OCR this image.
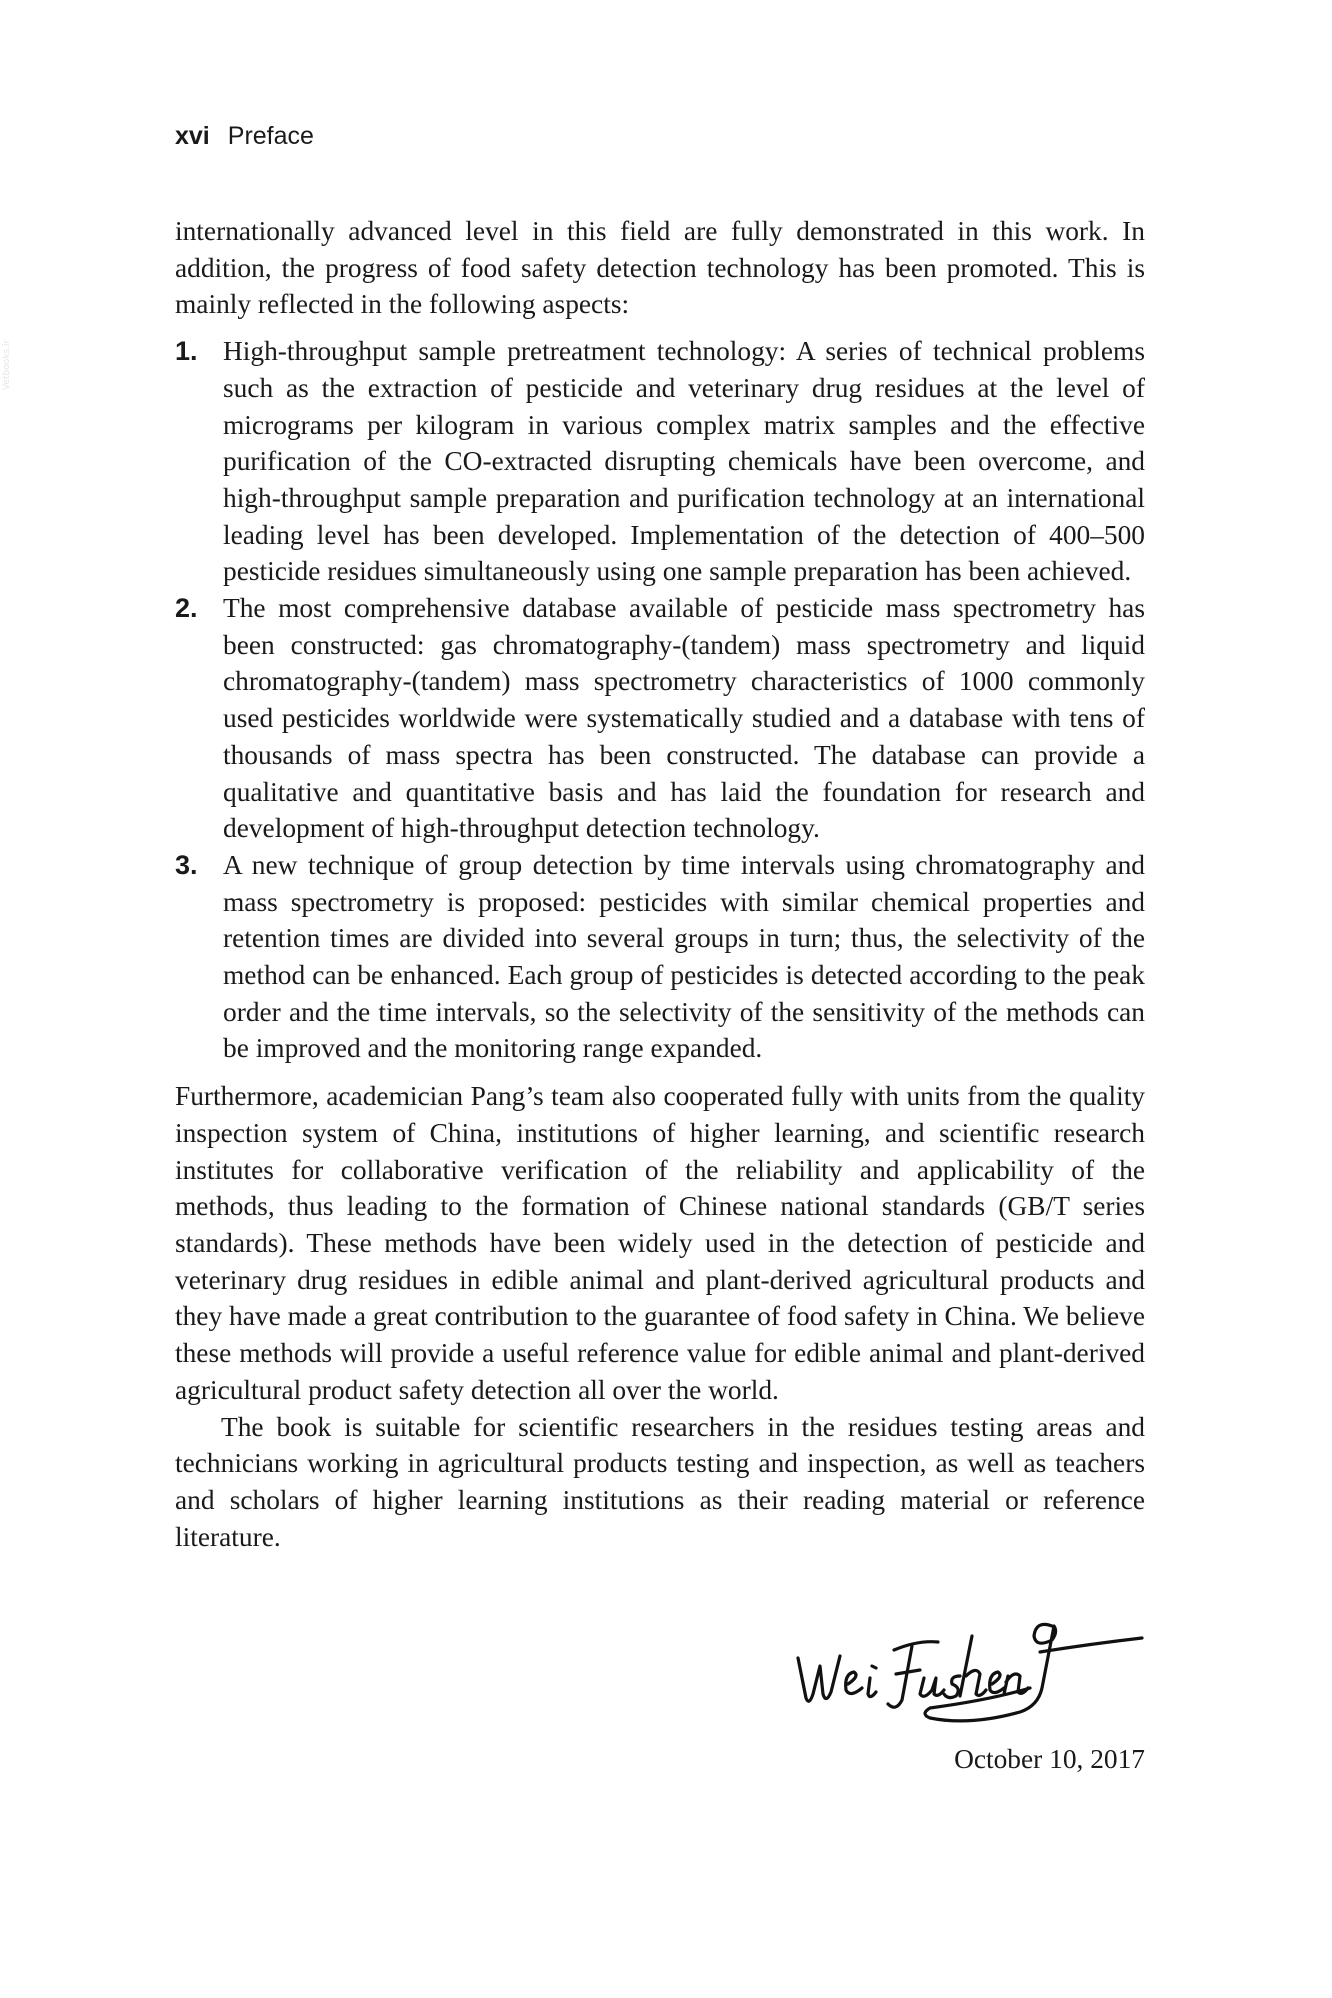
Vetbooks.ir
xvi Preface

internationally advanced level in this field are fully demonstrated in this work. In addition, the progress of food safety detection technology has been promoted. This is mainly reflected in the following aspects:

1. High-throughput sample pretreatment technology: A series of technical problems such as the extraction of pesticide and veterinary drug residues at the level of micrograms per kilogram in various complex matrix samples and the effective purification of the CO-extracted disrupting chemicals have been overcome, and high-throughput sample preparation and purification technology at an international leading level has been developed. Implementation of the detection of 400–500 pesticide residues simultaneously using one sample preparation has been achieved.
2. The most comprehensive database available of pesticide mass spectrometry has been constructed: gas chromatography-(tandem) mass spectrometry and liquid chromatography-(tandem) mass spectrometry characteristics of 1000 commonly used pesticides worldwide were systematically studied and a database with tens of thousands of mass spectra has been constructed. The database can provide a qualitative and quantitative basis and has laid the foundation for research and development of high-throughput detection technology.
3. A new technique of group detection by time intervals using chromatography and mass spectrometry is proposed: pesticides with similar chemical properties and retention times are divided into several groups in turn; thus, the selectivity of the method can be enhanced. Each group of pesticides is detected according to the peak order and the time intervals, so the selectivity of the sensitivity of the methods can be improved and the monitoring range expanded.

Furthermore, academician Pang’s team also cooperated fully with units from the quality inspection system of China, institutions of higher learning, and scientific research institutes for collaborative verification of the reliability and applicability of the methods, thus leading to the formation of Chinese national standards (GB/T series standards). These methods have been widely used in the detection of pesticide and veterinary drug residues in edible animal and plant-derived agricultural products and they have made a great contribution to the guarantee of food safety in China. We believe these methods will provide a useful reference value for edible animal and plant-derived agricultural product safety detection all over the world.

The book is suitable for scientific researchers in the residues testing areas and technicians working in agricultural products testing and inspection, as well as teachers and scholars of higher learning institutions as their reading material or reference literature.

October 10, 2017
